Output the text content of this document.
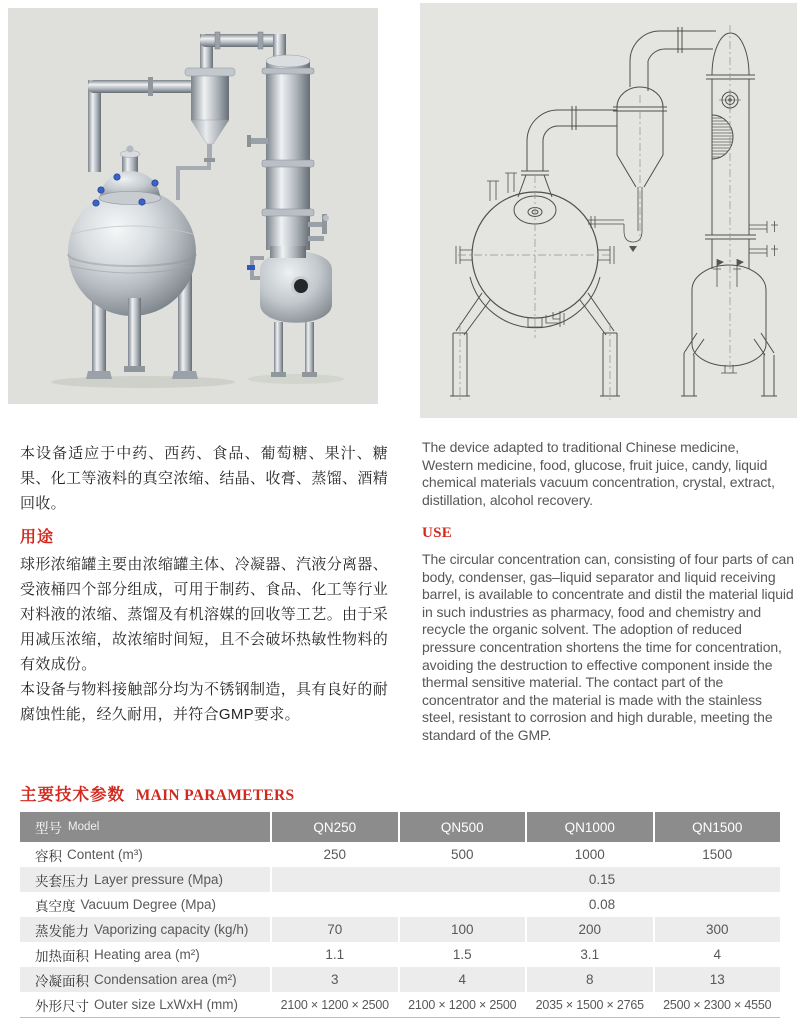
本设备适应于中药、西药、食品、葡萄糖、果汁、糖果、化工等液料的真空浓缩、结晶、收膏、蒸馏、酒精回收。

The device adapted to traditional Chinese medicine, Western medicine, food, glucose, fruit juice, candy, liquid chemical materials vacuum concentration, crystal, extract, distillation, alcohol recovery.

用途	USE

球形浓缩罐主要由浓缩罐主体、冷凝器、汽液分离器、受液桶四个部分组成，可用于制药、食品、化工等行业对料液的浓缩、蒸馏及有机溶媒的回收等工艺。由于采用减压浓缩，故浓缩时间短，且不会破坏热敏性物料的有效成份。

本设备与物料接触部分均为不锈钢制造，具有良好的耐腐蚀性能，经久耐用，并符合GMP要求。

The circular concentration can, consisting of four parts of can body, condenser, gas–liquid separator and liquid receiving barrel, is available to concentrate and distil the material liquid in such industries as pharmacy, food and chemistry and recycle the organic solvent. The adoption of reduced pressure concentration shortens the time for concentration, avoiding the destruction to effective component inside the thermal sensitive material. The contact part of the concentrator and the material is made with the stainless steel, resistant to corrosion and high durable, meeting the standard of the GMP.

主要技术参数 MAIN PARAMETERS
型号 Model	QN250	QN500	QN1000	QN1500
容积 Content (m³)	250	500	1000	1500
夹套压力 Layer pressure (Mpa)	0.15
真空度 Vacuum Degree (Mpa)	0.08
蒸发能力 Vaporizing capacity (kg/h)	70	100	200	300
加热面积 Heating area (m²)	1.1	1.5	3.1	4
冷凝面积 Condensation area (m²)	3	4	8	13
外形尺寸 Outer size LxWxH (mm)	2100 × 1200 × 2500	2100 × 1200 × 2500	2035 × 1500 × 2765	2500 × 2300 × 4550
